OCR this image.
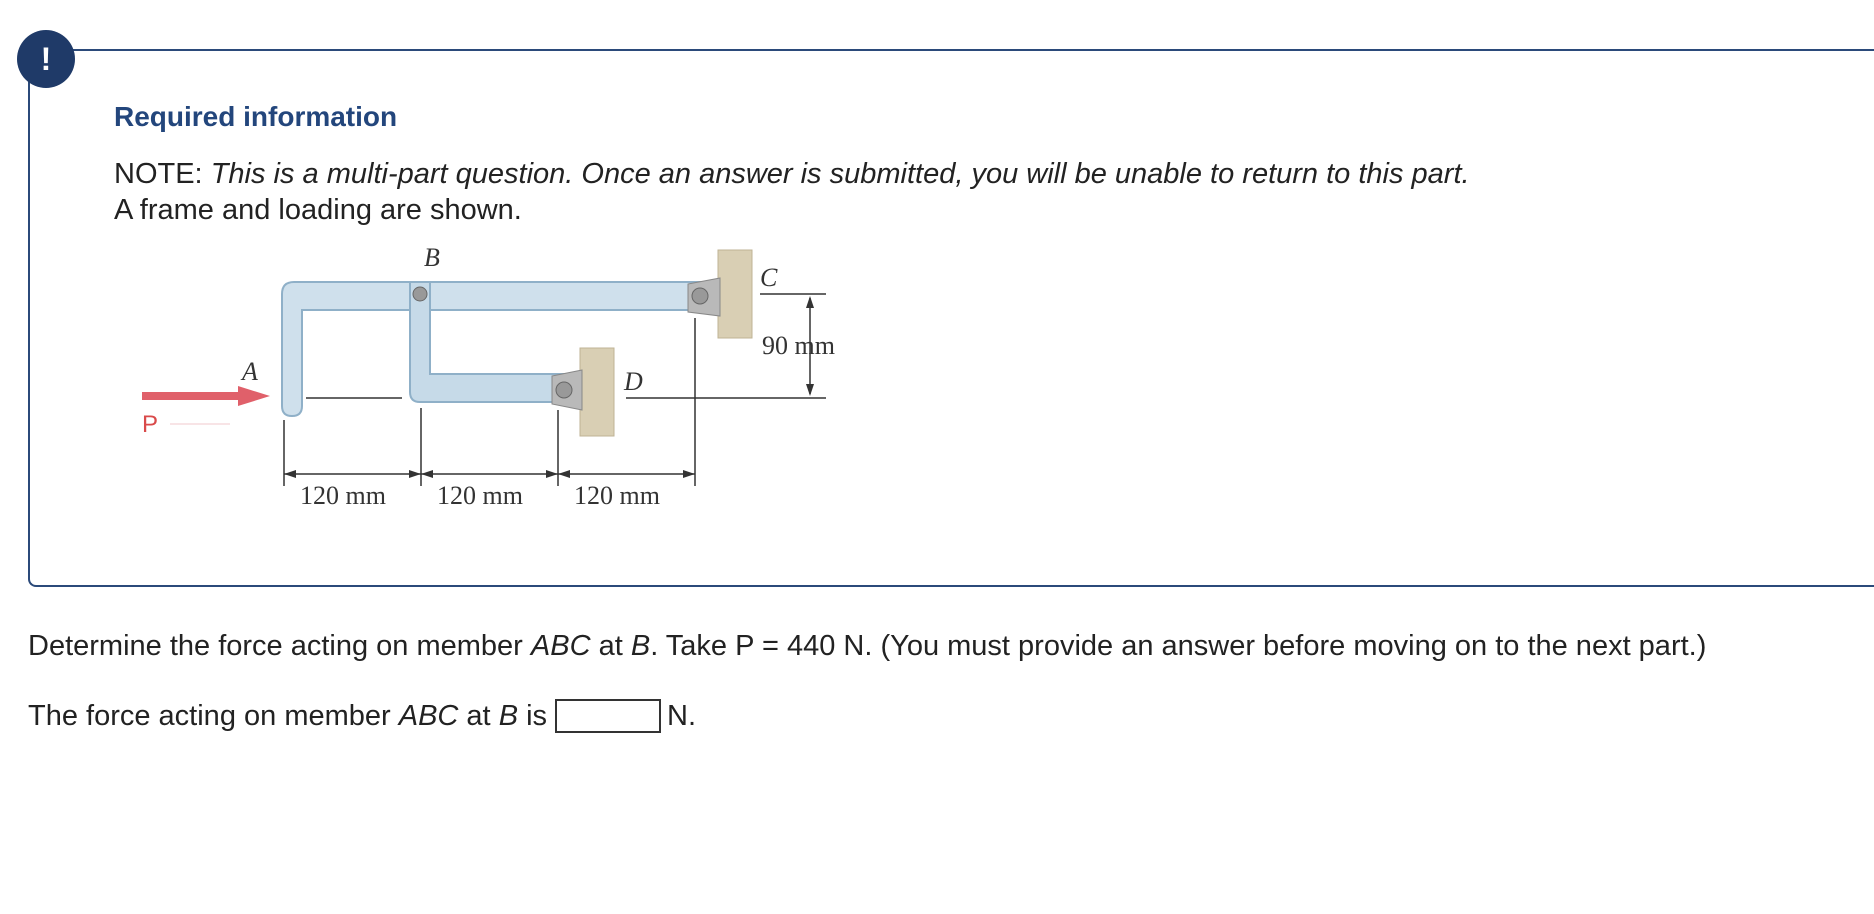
!
Required information
NOTE: This is a multi-part question. Once an answer is submitted, you will be unable to return to this part.
A frame and loading are shown.
B
C
D
A
P
90 mm
120 mm 120 mm 120 mm
Determine the force acting on member ABC at B. Take P = 440 N. (You must provide an answer before moving on to the next part.)
The force acting on member ABC at B is	N.
